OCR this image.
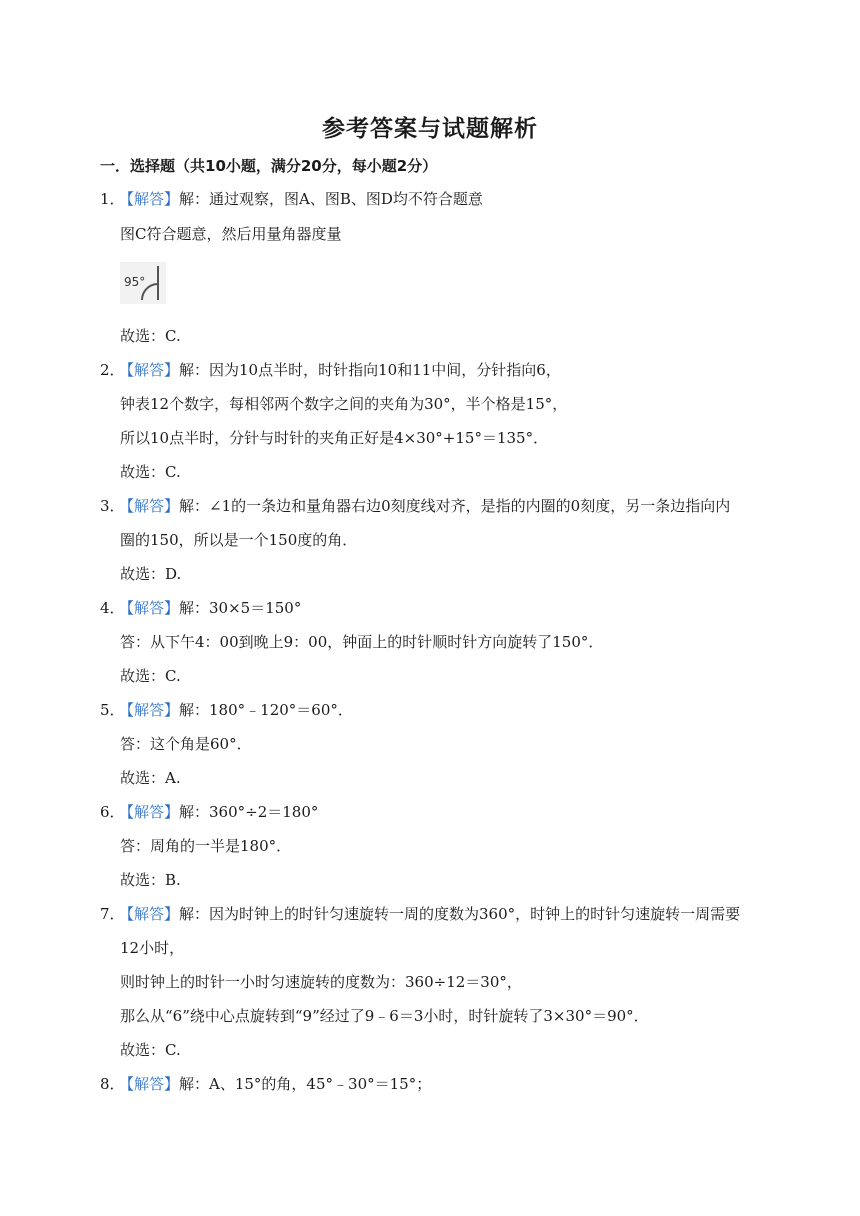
参考答案与试题解析
一．选择题（共10小题，满分20分，每小题2分）
1．
【解答】解：通过观察，图A、图B、图D均不符合题意
图C符合题意，然后用量角器度量
95°
故选：C.
2．
【解答】解：因为10点半时，时针指向10和11中间，分针指向6，
钟表12个数字，每相邻两个数字之间的夹角为30°，半个格是15°，
所以10点半时，分针与时针的夹角正好是4×30°+15°＝135°．
故选：C.
3．
【解答】解：∠1的一条边和量角器右边0刻度线对齐，是指的内圈的0刻度，另一条边指向内
圈的150，所以是一个150度的角．
故选：D.
4．
【解答】解：30×5＝150°
答：从下午4：00到晚上9：00，钟面上的时针顺时针方向旋转了150°．
故选：C.
5．
【解答】解：180°﹣120°＝60°．
答：这个角是60°．
故选：A.
6．
【解答】解：360°÷2＝180°
答：周角的一半是180°．
故选：B.
7．
【解答】解：因为时钟上的时针匀速旋转一周的度数为360°，时钟上的时针匀速旋转一周需要
12小时，
则时钟上的时针一小时匀速旋转的度数为：360÷12＝30°，
那么从“6”绕中心点旋转到“9”经过了9﹣6＝3小时，时针旋转了3×30°＝90°．
故选：C.
8．
【解答】解：A、15°的角，45°﹣30°＝15°；
